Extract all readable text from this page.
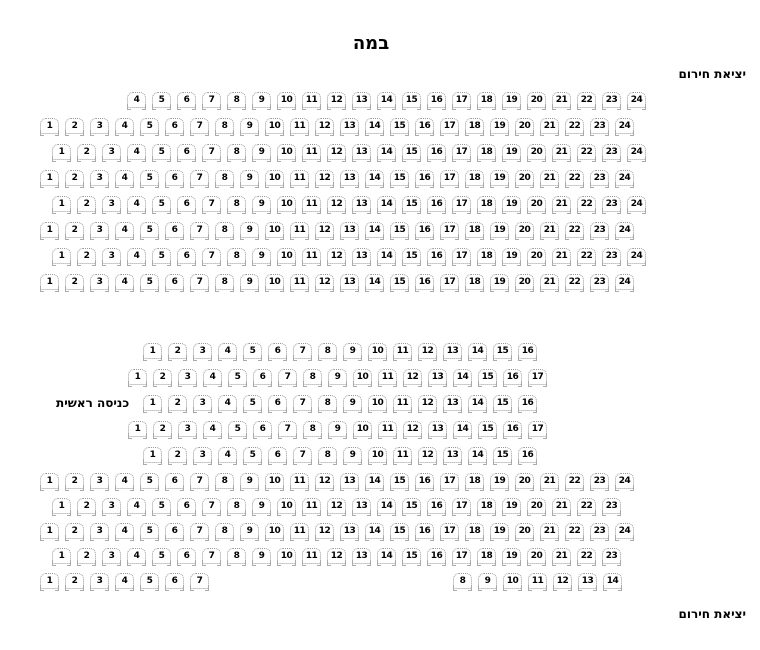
במה
יציאת חירום
כניסה ראשית
יציאת חירום
4	5	6	7	8	9	10	11	12	13	14	15	16	17	18	19	20	21	22	23	24
1	2	3	4	5	6	7	8	9	10	11	12	13	14	15	16	17	18	19	20	21	22	23	24
1	2	3	4	5	6	7	8	9	10	11	12	13	14	15	16	17	18	19	20	21	22	23	24
1	2	3	4	5	6	7	8	9	10	11	12	13	14	15	16	17	18	19	20	21	22	23	24
1	2	3	4	5	6	7	8	9	10	11	12	13	14	15	16	17	18	19	20	21	22	23	24
1	2	3	4	5	6	7	8	9	10	11	12	13	14	15	16	17	18	19	20	21	22	23	24
1	2	3	4	5	6	7	8	9	10	11	12	13	14	15	16	17	18	19	20	21	22	23	24
1	2	3	4	5	6	7	8	9	10	11	12	13	14	15	16	17	18	19	20	21	22	23	24
1	2	3	4	5	6	7	8	9	10	11	12	13	14	15	16
1	2	3	4	5	6	7	8	9	10	11	12	13	14	15	16	17
1	2	3	4	5	6	7	8	9	10	11	12	13	14	15	16
1	2	3	4	5	6	7	8	9	10	11	12	13	14	15	16	17
1	2	3	4	5	6	7	8	9	10	11	12	13	14	15	16
1	2	3	4	5	6	7	8	9	10	11	12	13	14	15	16	17	18	19	20	21	22	23	24
1	2	3	4	5	6	7	8	9	10	11	12	13	14	15	16	17	18	19	20	21	22	23
1	2	3	4	5	6	7	8	9	10	11	12	13	14	15	16	17	18	19	20	21	22	23	24
1	2	3	4	5	6	7	8	9	10	11	12	13	14	15	16	17	18	19	20	21	22	23
1	2	3	4	5	6	7	8	9	10	11	12	13	14
